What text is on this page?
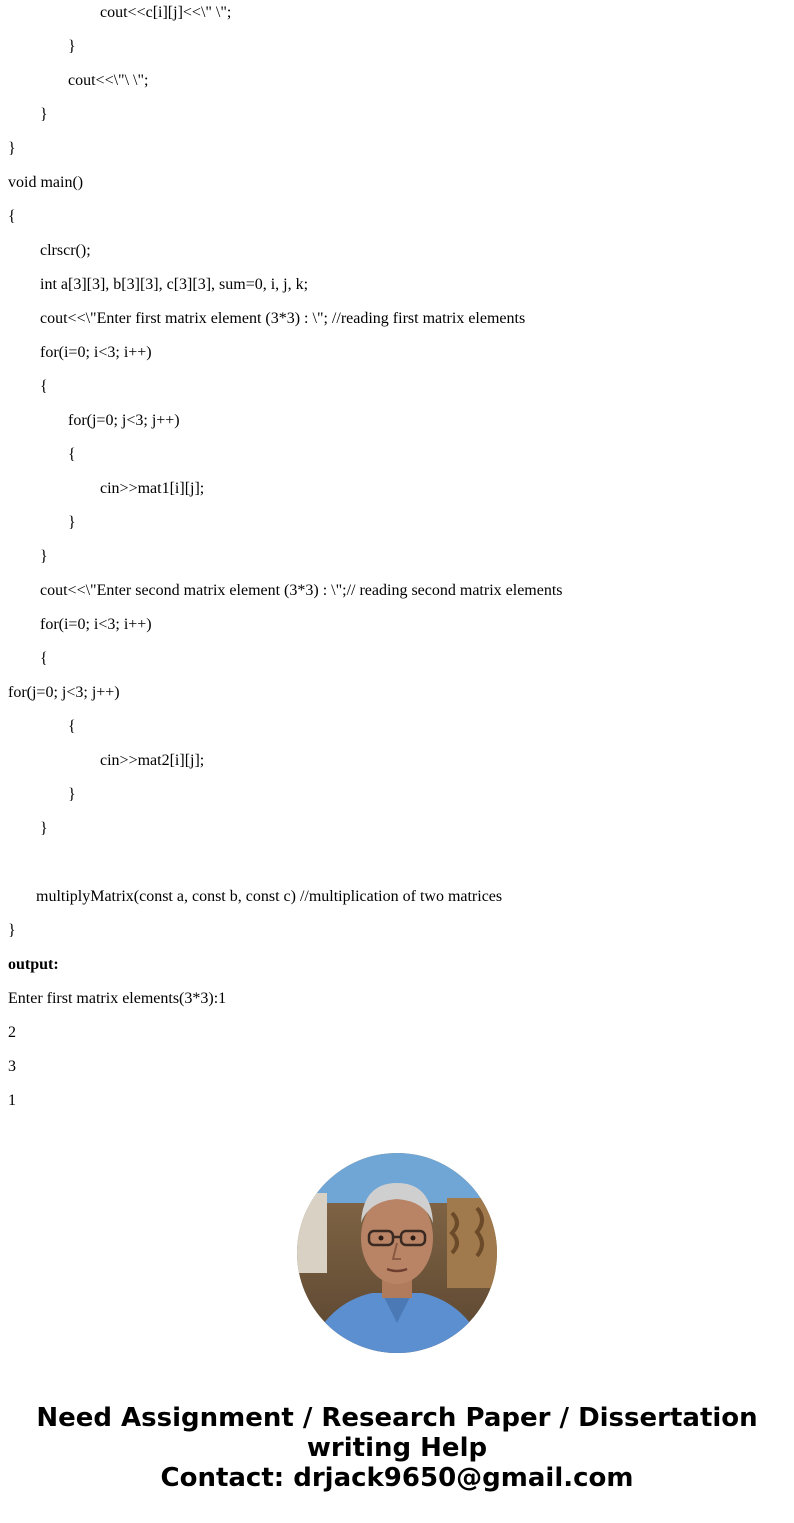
cout<<c[i][j]<<\" \";
}
cout<<\"\ \";
}
}
void main()
{
clrscr();
int a[3][3], b[3][3], c[3][3], sum=0, i, j, k;
cout<<\"Enter first matrix element (3*3) : \"; //reading first matrix elements
for(i=0; i<3; i++)
{
for(j=0; j<3; j++)
{
cin>>mat1[i][j];
}
}
cout<<\"Enter second matrix element (3*3) : \";// reading second matrix elements
for(i=0; i<3; i++)
{
for(j=0; j<3; j++)
{
cin>>mat2[i][j];
}
}
multiplyMatrix(const a, const b, const c) //multiplication of two matrices
}
output:
Enter first matrix elements(3*3):1
2
3
1
Need Assignment / Research Paper / Dissertation
writing Help
Contact: drjack9650@gmail.com
